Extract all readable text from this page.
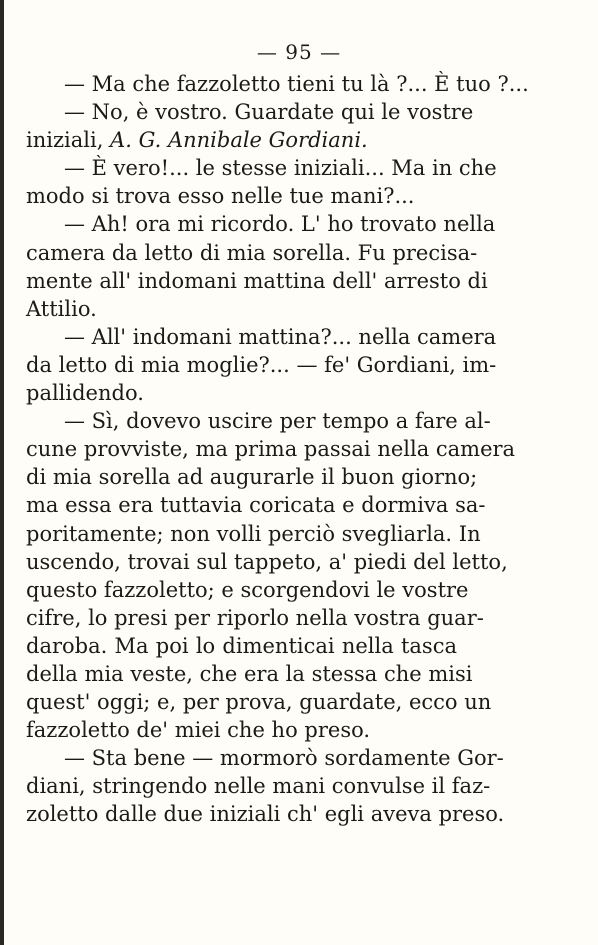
— 95 —
— Ma che fazzoletto tieni tu là ?... È tuo ?...
— No, è vostro. Guardate qui le vostre
iniziali, A. G. Annibale Gordiani.
— È vero!... le stesse iniziali... Ma in che
modo si trova esso nelle tue mani?...
— Ah! ora mi ricordo. L' ho trovato nella
camera da letto di mia sorella. Fu precisa-
mente all' indomani mattina dell' arresto di
Attilio.
— All' indomani mattina?... nella camera
da letto di mia moglie?... — fe' Gordiani, im-
pallidendo.
— Sì, dovevo uscire per tempo a fare al-
cune provviste, ma prima passai nella camera
di mia sorella ad augurarle il buon giorno;
ma essa era tuttavia coricata e dormiva sa-
poritamente; non volli perciò svegliarla. In
uscendo, trovai sul tappeto, a' piedi del letto,
questo fazzoletto; e scorgendovi le vostre
cifre, lo presi per riporlo nella vostra guar-
daroba. Ma poi lo dimenticai nella tasca
della mia veste, che era la stessa che misi
quest' oggi; e, per prova, guardate, ecco un
fazzoletto de' miei che ho preso.
— Sta bene — mormorò sordamente Gor-
diani, stringendo nelle mani convulse il faz-
zoletto dalle due iniziali ch' egli aveva preso.
